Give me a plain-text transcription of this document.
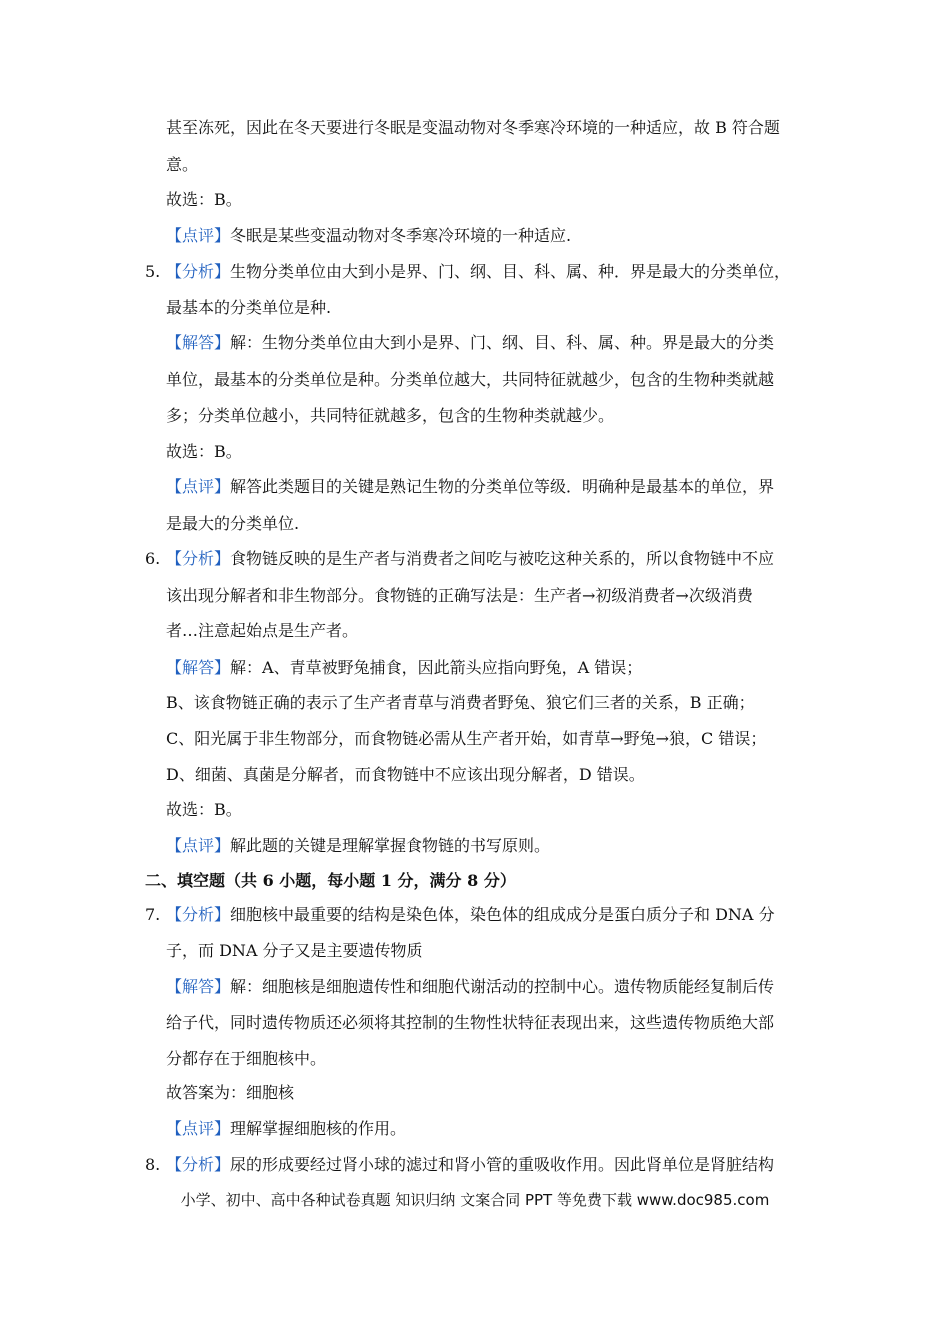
甚至冻死，因此在冬天要进行冬眠是变温动物对冬季寒冷环境的一种适应，故 B 符合题
意。
故选：B。
【点评】冬眠是某些变温动物对冬季寒冷环境的一种适应.
5. 【分析】生物分类单位由大到小是界、门、纲、目、科、属、种．界是最大的分类单位，
最基本的分类单位是种.
【解答】解：生物分类单位由大到小是界、门、纲、目、科、属、种。界是最大的分类
单位，最基本的分类单位是种。分类单位越大，共同特征就越少，包含的生物种类就越
多；分类单位越小，共同特征就越多，包含的生物种类就越少。
故选：B。
【点评】解答此类题目的关键是熟记生物的分类单位等级．明确种是最基本的单位，界
是最大的分类单位.
6. 【分析】食物链反映的是生产者与消费者之间吃与被吃这种关系的，所以食物链中不应
该出现分解者和非生物部分。食物链的正确写法是：生产者→初级消费者→次级消费
者…注意起始点是生产者。
【解答】解：A、青草被野兔捕食，因此箭头应指向野兔，A 错误；
B、该食物链正确的表示了生产者青草与消费者野兔、狼它们三者的关系，B 正确；
C、阳光属于非生物部分，而食物链必需从生产者开始，如青草→野兔→狼，C 错误；
D、细菌、真菌是分解者，而食物链中不应该出现分解者，D 错误。
故选：B。
【点评】解此题的关键是理解掌握食物链的书写原则。
二、填空题（共 6 小题，每小题 1 分，满分 8 分）
7. 【分析】细胞核中最重要的结构是染色体，染色体的组成成分是蛋白质分子和 DNA 分
子，而 DNA 分子又是主要遗传物质
【解答】解：细胞核是细胞遗传性和细胞代谢活动的控制中心。遗传物质能经复制后传
给子代，同时遗传物质还必须将其控制的生物性状特征表现出来，这些遗传物质绝大部
分都存在于细胞核中。
故答案为：细胞核
【点评】理解掌握细胞核的作用。
8. 【分析】尿的形成要经过肾小球的滤过和肾小管的重吸收作用。因此肾单位是肾脏结构
小学、初中、高中各种试卷真题 知识归纳 文案合同 PPT 等免费下载 www.doc985.com
